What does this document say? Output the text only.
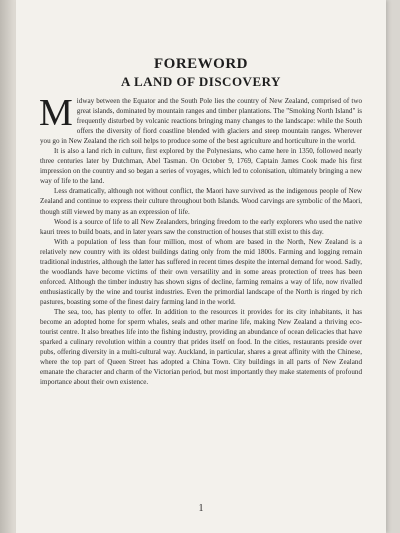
FOREWORD
A LAND OF DISCOVERY

Midway between the Equator and the South Pole lies the country of New Zealand, comprised of two great islands, dominated by mountain ranges and timber plantations. The "Smoking North Island" is frequently disturbed by volcanic reactions bringing many changes to the landscape: while the South offers the diversity of fiord coastline blended with glaciers and steep mountain ranges. Wherever you go in New Zealand the rich soil helps to produce some of the best agriculture and horticulture in the world.

It is also a land rich in culture, first explored by the Polynesians, who came here in 1350, followed nearly three centuries later by Dutchman, Abel Tasman. On October 9, 1769, Captain James Cook made his first impression on the country and so began a series of voyages, which led to colonisation, ultimately bringing a new way of life to the land.

Less dramatically, although not without conflict, the Maori have survived as the indigenous people of New Zealand and continue to express their culture throughout both Islands. Wood carvings are symbolic of the Maori, though still viewed by many as an expression of life.

Wood is a source of life to all New Zealanders, bringing freedom to the early explorers who used the native kauri trees to build boats, and in later years saw the construction of houses that still exist to this day.

With a population of less than four million, most of whom are based in the North, New Zealand is a relatively new country with its oldest buildings dating only from the mid 1800s. Farming and logging remain traditional industries, although the latter has suffered in recent times despite the internal demand for wood. Sadly, the woodlands have become victims of their own versatility and in some areas protection of trees has been enforced. Although the timber industry has shown signs of decline, farming remains a way of life, now rivalled enthusiastically by the wine and tourist industries. Even the primordial landscape of the North is ringed by rich pastures, boasting some of the finest dairy farming land in the world.

The sea, too, has plenty to offer. In addition to the resources it provides for its city inhabitants, it has become an adopted home for sperm whales, seals and other marine life, making New Zealand a thriving eco-tourist centre. It also breathes life into the fishing industry, providing an abundance of ocean delicacies that have sparked a culinary revolution within a country that prides itself on food. In the cities, restaurants preside over pubs, offering diversity in a multi-cultural way. Auckland, in particular, shares a great affinity with the Chinese, where the top part of Queen Street has adopted a China Town. City buildings in all parts of New Zealand emanate the character and charm of the Victorian period, but most importantly they make statements of profound importance about their own existence.

1
